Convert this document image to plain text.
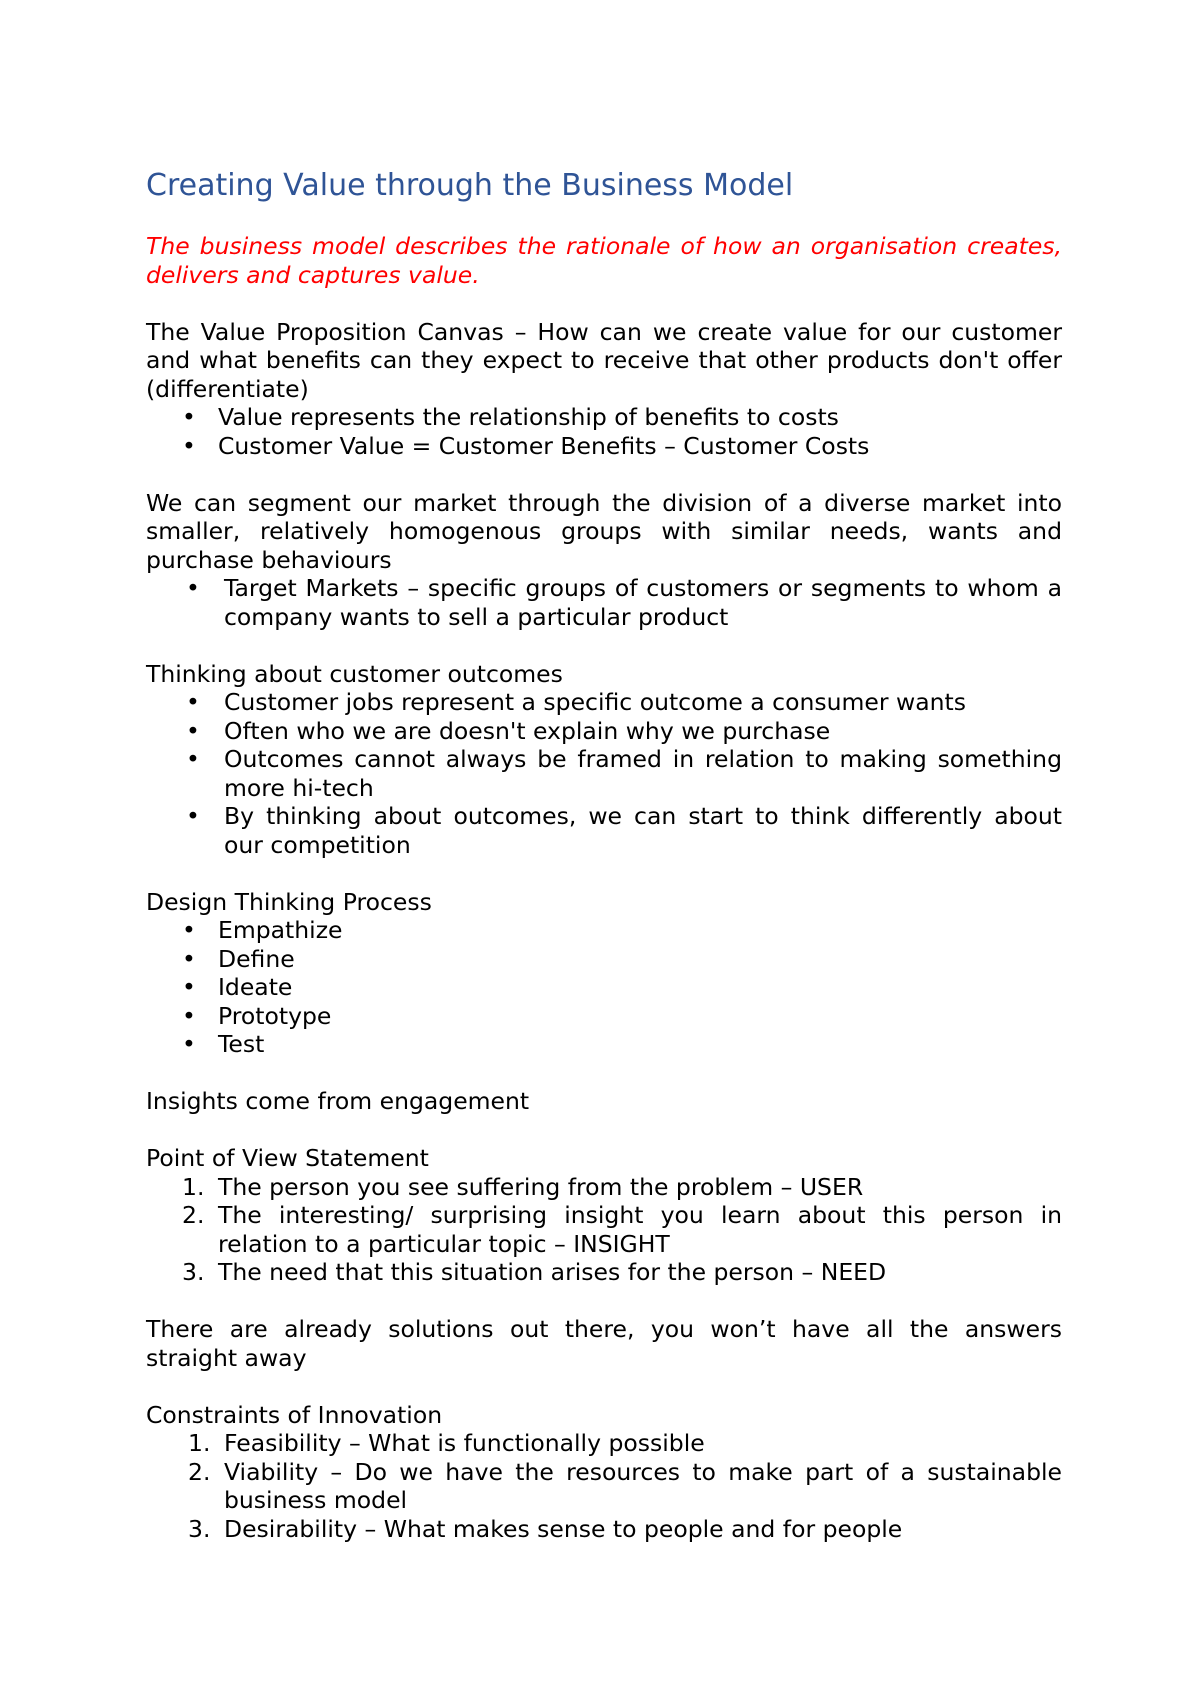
Creating Value through the Business Model

The business model describes the rationale of how an organisation creates, delivers and captures value.

The Value Proposition Canvas – How can we create value for our customer and what benefits can they expect to receive that other products don't offer (differentiate)

• Value represents the relationship of benefits to costs
• Customer Value = Customer Benefits – Customer Costs

We can segment our market through the division of a diverse market into smaller, relatively homogenous groups with similar needs, wants and purchase behaviours

• Target Markets – specific groups of customers or segments to whom a company wants to sell a particular product

Thinking about customer outcomes

• Customer jobs represent a specific outcome a consumer wants
• Often who we are doesn't explain why we purchase
• Outcomes cannot always be framed in relation to making something more hi-tech
• By thinking about outcomes, we can start to think differently about our competition

Design Thinking Process

• Empathize
• Define
• Ideate
• Prototype
• Test

Insights come from engagement

Point of View Statement

1. The person you see suffering from the problem – USER
2. The interesting/ surprising insight you learn about this person in relation to a particular topic – INSIGHT
3. The need that this situation arises for the person – NEED

There are already solutions out there, you won’t have all the answers straight away

Constraints of Innovation

1. Feasibility – What is functionally possible
2. Viability – Do we have the resources to make part of a sustainable business model
3. Desirability – What makes sense to people and for people
